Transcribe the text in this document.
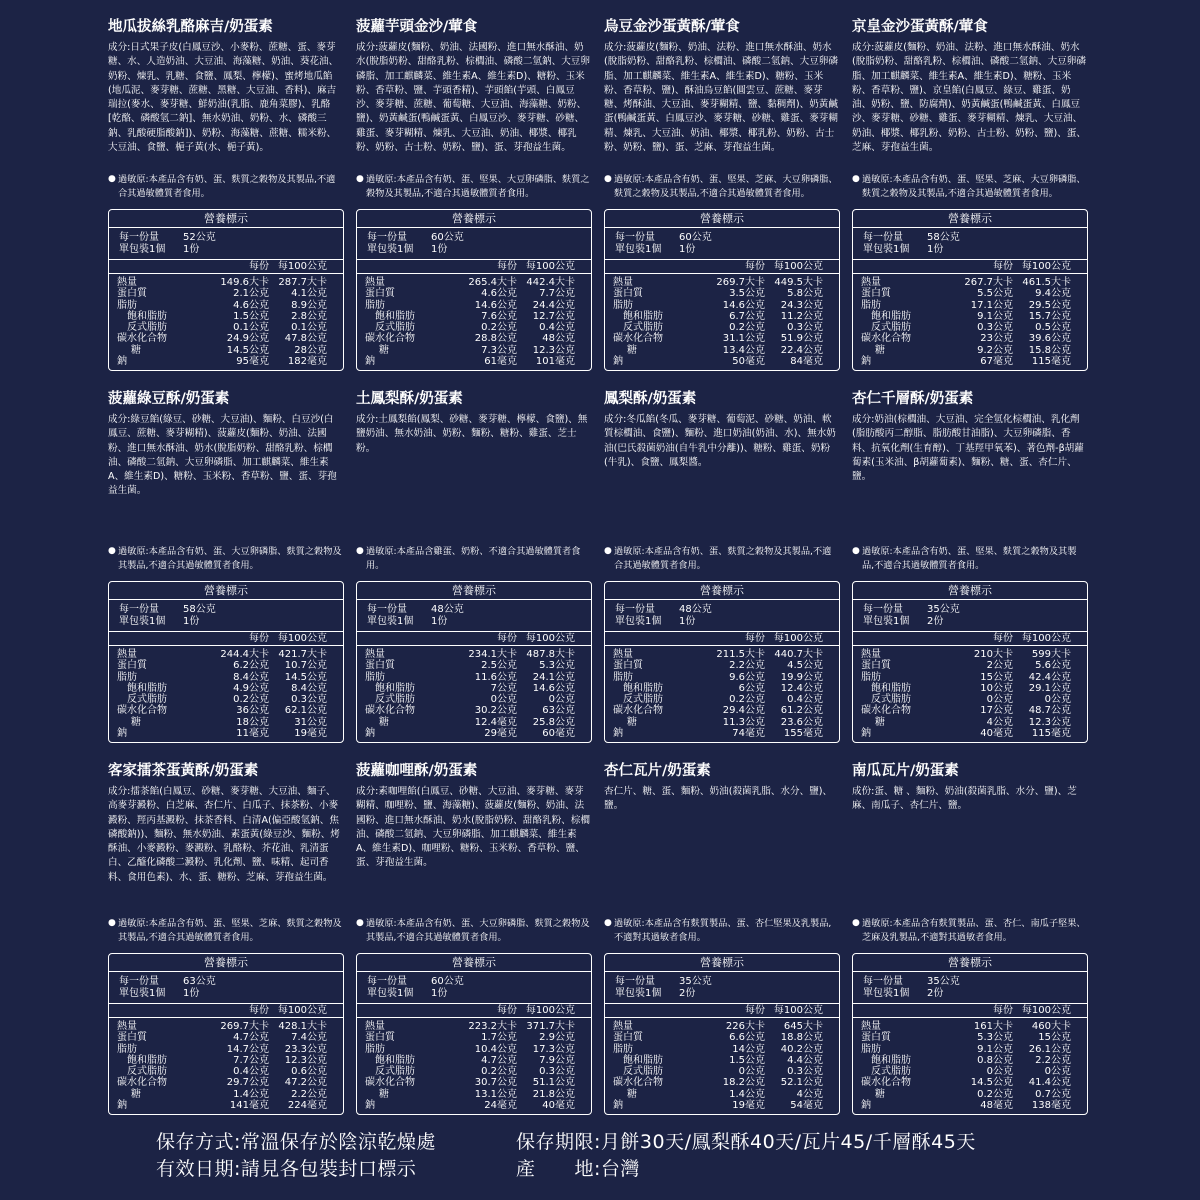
地瓜拔絲乳酪麻吉/奶蛋素
成分:日式果子皮(白鳳豆沙、小麥粉、蔗糖、蛋、麥芽糖、水、人造奶油、大豆油、海藻糖、奶油、葵花油、奶粉、煉乳、乳糖、食鹽、鳳梨、檸檬)、蜜烤地瓜餡(地瓜泥、麥芽糖、蔗糖、黑糖、大豆油、香料)、麻吉瑞拉(麥水、麥芽糖、鮮奶油(乳脂、鹿角菜膠)、乳酪[乾酪、磷酸氫二鈉]、無水奶油、奶粉、水、磷酸三鈉、乳酸硬脂酸鈉])、奶粉、海藻糖、蔗糖、糯米粉、大豆油、食鹽、梔子黃(水、梔子黃)。
● 過敏原:本產品含有奶、蛋、麩質之穀物及其製品,不適合其過敏體質者食用。
營養標示
每一份量	52公克
單包裝1個	1份
每份 每100公克
熱量	149.6大卡 287.7大卡
蛋白質	2.1公克	4.1公克
脂肪	4.6公克	8.9公克
飽和脂肪	1.5公克	2.8公克
反式脂肪	0.1公克	0.1公克
碳水化合物	24.9公克	47.8公克
糖	14.5公克	28公克
鈉	95毫克	182毫克
菠蘿芋頭金沙/葷食
成分:菠蘿皮(麵粉、奶油、法國粉、進口無水酥油、奶水(脫脂奶粉、甜酪乳粉、棕櫚油、磷酸二氫鈉、大豆卵磷脂、加工麒麟菜、維生素A、維生素D)、糖粉、玉米粉、香草粉、鹽、芋頭香精)、芋頭餡(芋頭、白鳳豆沙、麥芽糖、蔗糖、葡萄糖、大豆油、海藻糖、奶粉、鹽)、奶黃鹹蛋(鴨鹹蛋黃、白鳳豆沙、麥芽糖、砂糖、雞蛋、麥芽糊精、煉乳、大豆油、奶油、椰漿、椰乳粉、奶粉、古士粉、奶粉、鹽)、蛋、芽孢益生菌。
● 過敏原:本產品含有奶、蛋、堅果、大豆卵磷脂、麩質之穀物及其製品,不適合其過敏體質者食用。
營養標示
每一份量	60公克
單包裝1個	1份
每份 每100公克
熱量	265.4大卡 442.4大卡
蛋白質	4.6公克	7.7公克
脂肪	14.6公克	24.4公克
飽和脂肪	7.6公克	12.7公克
反式脂肪	0.2公克	0.4公克
碳水化合物	28.8公克	48公克
糖	7.3公克	12.3公克
鈉	61毫克	101毫克
烏豆金沙蛋黃酥/葷食
成分:菠蘿皮(麵粉、奶油、法粉、進口無水酥油、奶水(脫脂奶粉、甜酪乳粉、棕櫚油、磷酸二氫鈉、大豆卵磷脂、加工麒麟菜、維生素A、維生素D)、糖粉、玉米粉、香草粉、鹽)、酥油烏豆餡(圓雲豆、蔗糖、麥芽糖、烤酥油、大豆油、麥芽糊精、鹽、黏稠劑)、奶黃鹹蛋(鴨鹹蛋黃、白鳳豆沙、麥芽糖、砂糖、雞蛋、麥芽糊精、煉乳、大豆油、奶油、椰漿、椰乳粉、奶粉、古士粉、奶粉、鹽)、蛋、芝麻、芽孢益生菌。
● 過敏原:本產品含有奶、蛋、堅果、芝麻、大豆卵磷脂、麩質之穀物及其製品,不適合其過敏體質者食用。
營養標示
每一份量	60公克
單包裝1個	1份
每份 每100公克
熱量	269.7大卡 449.5大卡
蛋白質	3.5公克	5.8公克
脂肪	14.6公克	24.3公克
飽和脂肪	6.7公克	11.2公克
反式脂肪	0.2公克	0.3公克
碳水化合物	31.1公克	51.9公克
糖	13.4公克	22.4公克
鈉	50毫克	84毫克
京皇金沙蛋黃酥/葷食
成分:菠蘿皮(麵粉、奶油、法粉、進口無水酥油、奶水(脫脂奶粉、甜酪乳粉、棕櫚油、磷酸二氫鈉、大豆卵磷脂、加工麒麟菜、維生素A、維生素D)、糖粉、玉米粉、香草粉、鹽)、京皇餡(白鳳豆、綠豆、雞蛋、奶油、奶粉、鹽、防腐劑)、奶黃鹹蛋(鴨鹹蛋黃、白鳳豆沙、麥芽糖、砂糖、雞蛋、麥芽糊精、煉乳、大豆油、奶油、椰漿、椰乳粉、奶粉、古士粉、奶粉、鹽)、蛋、芝麻、芽孢益生菌。
● 過敏原:本產品含有奶、蛋、堅果、芝麻、大豆卵磷脂、麩質之穀物及其製品,不適合其過敏體質者食用。
營養標示
每一份量	58公克
單包裝1個	1份
每份 每100公克
熱量	267.7大卡 461.5大卡
蛋白質	5.5公克	9.4公克
脂肪	17.1公克	29.5公克
飽和脂肪	9.1公克	15.7公克
反式脂肪	0.3公克	0.5公克
碳水化合物	23公克	39.6公克
糖	9.2公克	15.8公克
鈉	67毫克	115毫克
菠蘿綠豆酥/奶蛋素
成分:綠豆餡(綠豆、砂糖、大豆油)、麵粉、白豆沙(白鳳豆、蔗糖、麥芽糊精)、菠蘿皮(麵粉、奶油、法國粉、進口無水酥油、奶水(脫脂奶粉、甜酪乳粉、棕櫚油、磷酸二氫鈉、大豆卵磷脂、加工麒麟菜、維生素A、維生素D)、糖粉、玉米粉、香草粉、鹽、蛋、芽孢益生菌。
● 過敏原:本產品含有奶、蛋、大豆卵磷脂、麩質之穀物及其製品,不適合其過敏體質者食用。
營養標示
每一份量	58公克
單包裝1個	1份
每份 每100公克
熱量	244.4大卡 421.7大卡
蛋白質	6.2公克	10.7公克
脂肪	8.4公克	14.5公克
飽和脂肪	4.9公克	8.4公克
反式脂肪	0.2公克	0.3公克
碳水化合物	36公克	62.1公克
糖	18公克	31公克
鈉	11毫克	19毫克
土鳳梨酥/奶蛋素
成分:土鳳梨餡(鳳梨、砂糖、麥芽糖、檸檬、食鹽)、無鹽奶油、無水奶油、奶粉、麵粉、糖粉、雞蛋、芝士粉。
● 過敏原:本產品含雞蛋、奶粉、不適合其過敏體質者食用。
營養標示
每一份量	48公克
單包裝1個	1份
每份 每100公克
熱量	234.1大卡 487.8大卡
蛋白質	2.5公克	5.3公克
脂肪	11.6公克	24.1公克
飽和脂肪	7公克	14.6公克
反式脂肪	0公克	0公克
碳水化合物	30.2公克	63公克
糖	12.4毫克	25.8公克
鈉	29毫克	60毫克
鳳梨酥/奶蛋素
成分:冬瓜餡(冬瓜、麥芽糖、葡萄泥、砂糖、奶油、軟質棕櫚油、食鹽)、麵粉、進口奶油(奶油、水)、無水奶油(巴氏殺菌奶油(自牛乳中分離))、糖粉、雞蛋、奶粉(牛乳)、食鹽、鳳梨醬。
● 過敏原:本產品含有奶、蛋、麩質之穀物及其製品,不適合其過敏體質者食用。
營養標示
每一份量	48公克
單包裝1個	1份
每份 每100公克
熱量	211.5大卡 440.7大卡
蛋白質	2.2公克	4.5公克
脂肪	9.6公克	19.9公克
飽和脂肪	6公克	12.4公克
反式脂肪	0.2公克	0.4公克
碳水化合物	29.4公克	61.2公克
糖	11.3公克	23.6公克
鈉	74毫克	155毫克
杏仁千層酥/奶蛋素
成分:奶油(棕櫚油、大豆油、完全氫化棕櫚油、乳化劑(脂肪酸丙二醇脂、脂肪酸甘油脂)、大豆卵磷脂、香料、抗氧化劑(生育醇)、丁基羥甲氧苯)、著色劑-β胡蘿蔔素(玉米油、β胡蘿蔔素)、麵粉、糖、蛋、杏仁片、鹽。
● 過敏原:本產品含有奶、蛋、堅果、麩質之穀物及其製品,不適合其過敏體質者食用。
營養標示
每一份量	35公克
單包裝1個	2份
每份 每100公克
熱量	210大卡	599大卡
蛋白質	2公克	5.6公克
脂肪	15公克	42.4公克
飽和脂肪	10公克	29.1公克
反式脂肪	0公克	0公克
碳水化合物	17公克	48.7公克
糖	4公克	12.3公克
鈉	40毫克	115毫克
客家擂茶蛋黃酥/奶蛋素
成分:擂茶餡(白鳳豆、砂糖、麥芽糖、大豆油、麵子、高麥芽澱粉、白芝麻、杏仁片、白瓜子、抹茶粉、小麥澱粉、羥丙基澱粉、抹茶香料、白清A(偏亞酸氫鈉、焦磷酸鈉))、麵粉、無水奶油、素蛋黃(綠豆沙、麵粉、烤酥油、小麥澱粉、麥澱粉、乳酪粉、芥花油、乳清蛋白、乙醯化磷酸二澱粉、乳化劑、鹽、味精、起司香料、食用色素)、水、蛋、糖粉、芝麻、芽孢益生菌。
● 過敏原:本產品含有奶、蛋、堅果、芝麻、麩質之穀物及其製品,不適合其過敏體質者食用。
營養標示
每一份量	63公克
單包裝1個	1份
每份 每100公克
熱量	269.7大卡 428.1大卡
蛋白質	4.7公克	7.4公克
脂肪	14.7公克	23.3公克
飽和脂肪	7.7公克	12.3公克
反式脂肪	0.4公克	0.6公克
碳水化合物	29.7公克	47.2公克
糖	1.4公克	2.2公克
鈉	141毫克	224毫克
菠蘿咖哩酥/奶蛋素
成分:素咖哩餡(白鳳豆、砂糖、大豆油、麥芽糖、麥芽糊精、咖哩粉、鹽、海藻糖)、菠蘿皮(麵粉、奶油、法國粉、進口無水酥油、奶水(脫脂奶粉、甜酪乳粉、棕櫚油、磷酸二氫鈉、大豆卵磷脂、加工麒麟菜、維生素A、維生素D)、咖哩粉、糖粉、玉米粉、香草粉、鹽、蛋、芽孢益生菌。
● 過敏原:本產品含有奶、蛋、大豆卵磷脂、麩質之穀物及其製品,不適合其過敏體質者食用。
營養標示
每一份量	60公克
單包裝1個	1份
每份 每100公克
熱量	223.2大卡 371.7大卡
蛋白質	1.7公克	2.9公克
脂肪	10.4公克	17.3公克
飽和脂肪	4.7公克	7.9公克
反式脂肪	0.2公克	0.3公克
碳水化合物	30.7公克	51.1公克
糖	13.1公克	21.8公克
鈉	24毫克	40毫克
杏仁瓦片/奶蛋素
杏仁片、糖、蛋、麵粉、奶油(殺菌乳脂、水分、鹽)、鹽。
● 過敏原:本產品含有麩質製品、蛋、杏仁堅果及乳製品,不適對其過敏者食用。
營養標示
每一份量	35公克
單包裝1個	2份
每份 每100公克
熱量	226大卡	645大卡
蛋白質	6.6公克	18.8公克
脂肪	14公克	40.2公克
飽和脂肪	1.5公克	4.4公克
反式脂肪	0公克	0.3公克
碳水化合物	18.2公克	52.1公克
糖	1.4公克	4公克
鈉	19毫克	54毫克
南瓜瓦片/奶蛋素
成份:蛋、糖 、麵粉、奶油(殺菌乳脂、水分、鹽)、芝麻、南瓜子、杏仁片、鹽。
● 過敏原:本產品含有麩質製品、蛋、杏仁、南瓜子堅果、芝麻及乳製品,不適對其過敏者食用。
營養標示
每一份量	35公克
單包裝1個	2份
每份 每100公克
熱量	161大卡	460大卡
蛋白質	5.3公克	15公克
脂肪	9.1公克	26.1公克
飽和脂肪	0.8公克	2.2公克
反式脂肪	0公克	0公克
碳水化合物	14.5公克	41.4公克
糖	0.2公克	0.7公克
鈉	48毫克	138毫克
保存方式:常溫保存於陰涼乾燥處	保存期限:月餅30天/鳳梨酥40天/瓦片45/千層酥45天
有效日期:請見各包裝封口標示	產　　地:台灣
